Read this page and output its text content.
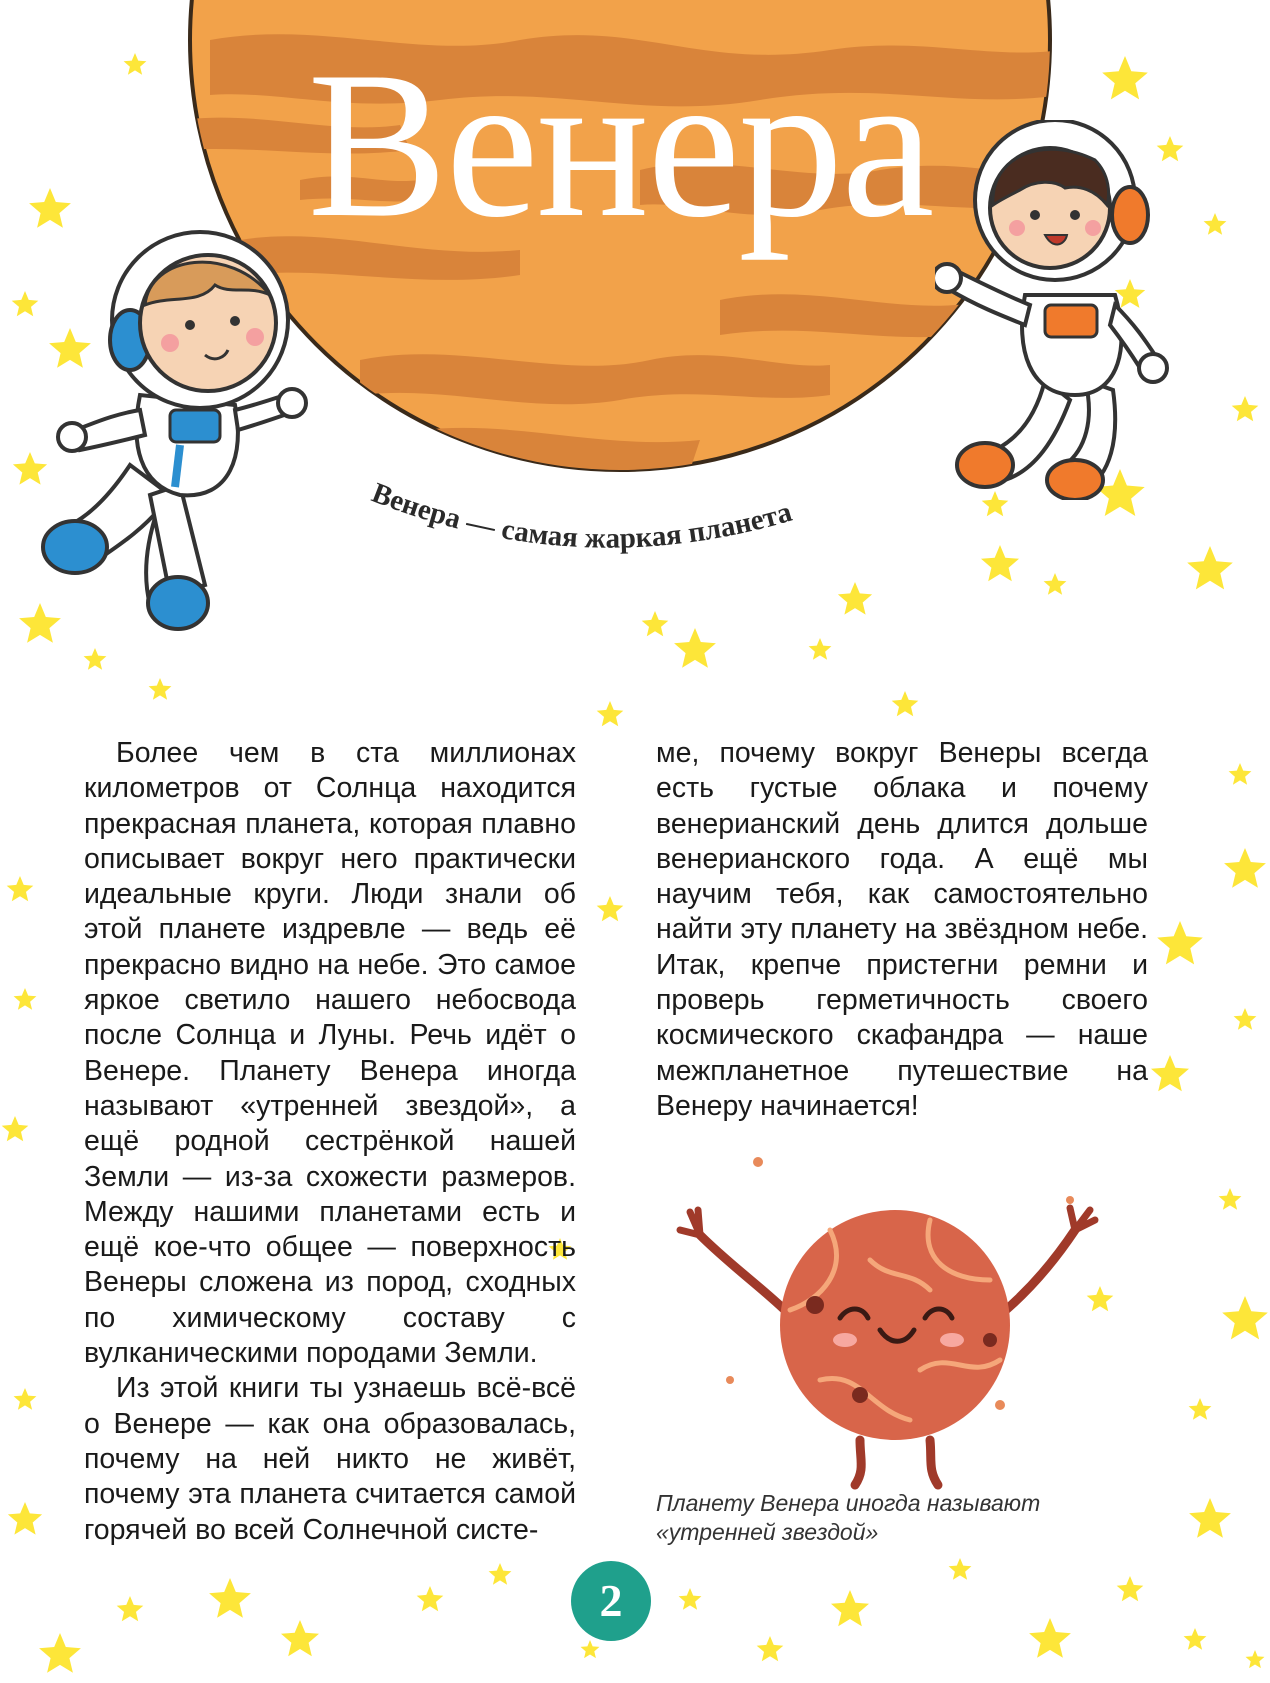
Венера
Венера — самая жаркая планета

Более чем в ста миллионах километров от Солнца находится прекрасная планета, которая плавно описывает вокруг него практически идеальные круги. Люди знали об этой планете издревле — ведь её прекрасно видно на небе. Это самое яркое светило нашего небосвода после Солнца и Луны. Речь идёт о Венере. Планету Венера иногда называют «утренней звездой», а ещё родной сестрёнкой нашей Земли — из-за схожести размеров. Между нашими планетами есть и ещё кое-что общее — поверхность Венеры сложена из пород, сходных по химическому составу с вулканическими породами Земли.

Из этой книги ты узнаешь всё-всё о Венере — как она образовалась, почему на ней никто не живёт, почему эта планета считается самой горячей во всей Солнечной систе-

ме, почему вокруг Венеры всегда есть густые облака и почему венерианский день длится дольше венерианского года. А ещё мы научим тебя, как самостоятельно найти эту планету на звёздном небе. Итак, крепче пристегни ремни и проверь герметичность своего космического скафандра — наше межпланетное путешествие на Венеру начинается!

Планету Венера иногда называют «утренней звездой»
2
